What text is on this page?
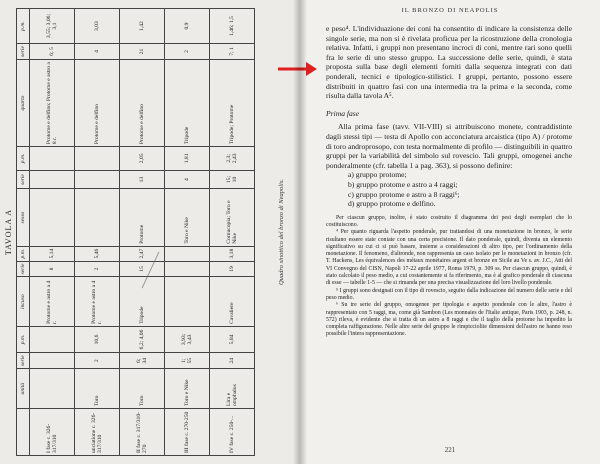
TAVOLA A
	unità	serie	p.m.	incuso	serie	p.m.	sesso	serie	p.m.	quarto	serie	p.m.
I fase c. 326-317/310				Protome e astro a 4 r.	8	5,14				Protome e delfino; Protome e astro a 8 r.	6; 5	3,55; 3,06; 3,1
unciatione c. 326-317/310	Toro	2	10,6	Protome e astro a 4 r.	2	5,46				Protome e delfino	4	3,03
II fase c. 317/310-270	Toro	6; 34	6,2; 4,06	Tripode	15	2,47	Protome	13	2,05	Protome e delfino	21	1,42
III fase c. 270-250	Toro e Nike	1; 55	3,93; 3,43				Toro e Nike	4	1,81	Tripode	2	0,9
IV fase c. 250-...	Lira e omphalos	24	5,84	Cavaliere	19	3,18	Cornucopia; Toro e Nike	15; 10	2,3; 2,43	Tripode; Protome	7; 1	1,46; 1,5
Quadro sinottico del bronzo di Neapolis.
IL BRONZO DI NEAPOLIS

e peso⁴. L'individuazione dei coni ha consentito di indicare la consistenza delle singole serie, ma non si è rivelata proficua per la ricostruzione della cronologia relativa. Infatti, i gruppi non presentano incroci di coni, mentre rari sono quelli fra le serie di uno stesso gruppo. La successione delle serie, quindi, è stata proposta sulla base degli elementi forniti dalla sequenza integrati con dati ponderali, tecnici e tipologico-stilistici. I gruppi, pertanto, possono essere distribuiti in quattro fasi con una intermedia tra la prima e la seconda, come risulta dalla tavola A⁵.

Prima fase

Alla prima fase (tavv. VII-VIII) si attribuiscono monete, contraddistinte dagli stessi tipi — testa di Apollo con acconciatura arcaistica (tipo A) / protome di toro androprosopo, con testa normalmente di profilo — distinguibili in quattro gruppi per la variabilità del simbolo sul rovescio. Tali gruppi, omogenei anche ponderalmente (cfr. tabella 1 a pag. 363), si possono definire:

a) gruppo protome;

b) gruppo protome e astro a 4 raggi;

c) gruppo protome e astro a 8 raggi⁶;

d) gruppo protome e delfino.

Per ciascun gruppo, inoltre, è stato costruito il diagramma dei pesi degli esemplari che lo costituiscono.

⁴ Per quanto riguarda l'aspetto ponderale, pur trattandosi di una monetazione in bronzo, le serie risultano essere state coniate con una certa precisione. Il dato ponderale, quindi, diventa un elemento significativo su cui ci si può basare, insieme a considerazioni di altro tipo, per l'ordinamento della monetazione. Il fenomeno, d'altronde, non rappresenta un caso isolato per le monetazioni in bronzo (cfr. T. Hackens, Les équivalences des métaux monétaires argent et bronze en Sicile au Ve s. av. J.C., Atti del VI Convegno del CISN, Napoli 17-22 aprile 1977, Roma 1979, p. 309 ss. Per ciascun gruppo, quindi, è stato calcolato il peso medio, a cui costantemente si fa riferimento, ma è al grafico ponderale di ciascuna di esse — tabelle 1-5 — che si rimanda per una precisa visualizzazione del loro livello ponderale.

⁵ I gruppi sono designati con il tipo di rovescio, seguito dalla indicazione del numero delle serie e del peso medio.

⁶ Su tre serie del gruppo, omogenee per tipologia e aspetto ponderale con le altre, l'astro è rappresentato con 5 raggi, ma, come già Sambon (Les monnaies de l'Italie antique, Paris 1903, p. 248, n. 572) rileva, è evidente che si tratta di un astro a 8 raggi e che il taglio della protome ha impedito la completa raffigurazione. Nelle altre serie del gruppo le rimpicciolite dimensioni dell'astro ne hanno reso possibile l'intera rappresentazione.

221
